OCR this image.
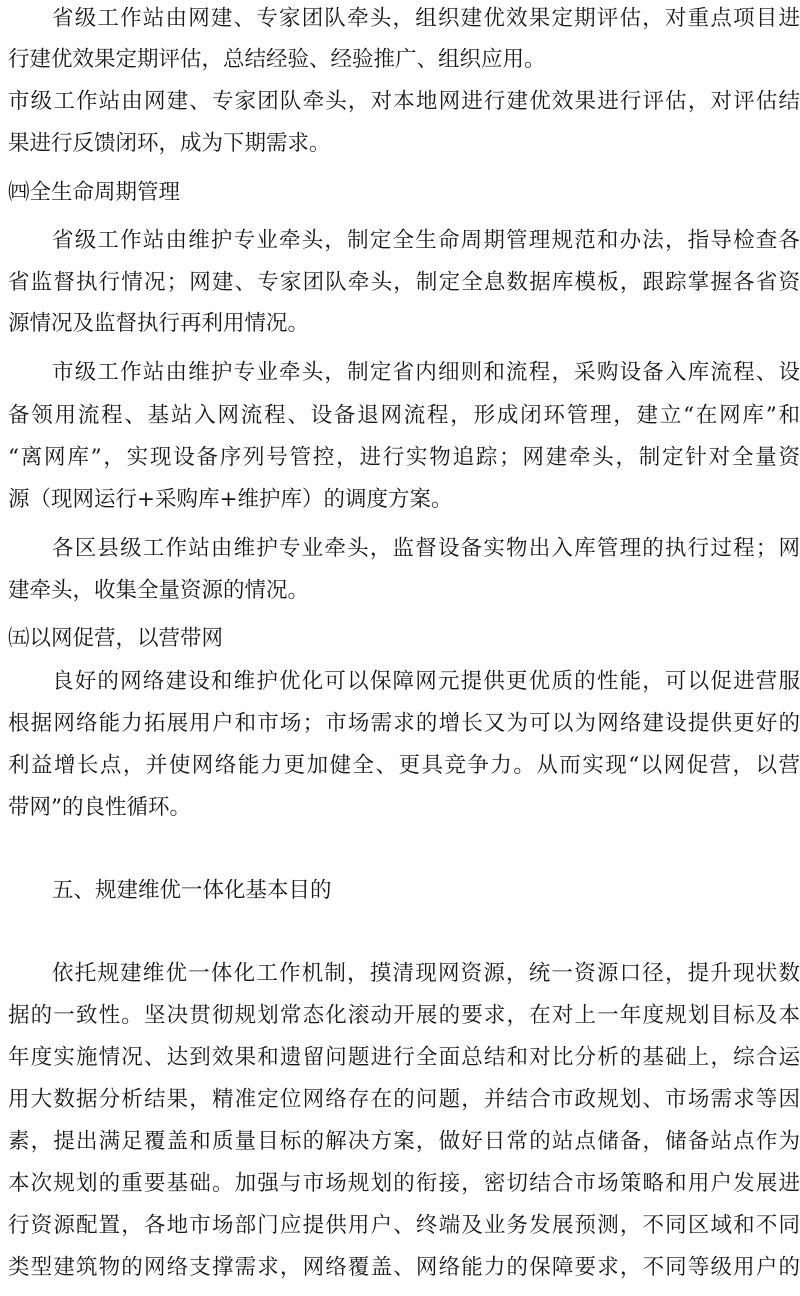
省级工作站由网建、专家团队牵头，组织建优效果定期评估，对重点项目进
行建优效果定期评估，总结经验、经验推广、组织应用。
市级工作站由网建、专家团队牵头，对本地网进行建优效果进行评估，对评估结
果进行反馈闭环，成为下期需求。
㈣全生命周期管理
省级工作站由维护专业牵头，制定全生命周期管理规范和办法，指导检查各
省监督执行情况；网建、专家团队牵头，制定全息数据库模板，跟踪掌握各省资
源情况及监督执行再利用情况。
市级工作站由维护专业牵头，制定省内细则和流程，采购设备入库流程、设
备领用流程、基站入网流程、设备退网流程，形成闭环管理，建立“在网库”和
“离网库”，实现设备序列号管控，进行实物追踪；网建牵头，制定针对全量资
源（现网运行+采购库+维护库）的调度方案。
各区县级工作站由维护专业牵头，监督设备实物出入库管理的执行过程；网
建牵头，收集全量资源的情况。
㈤以网促营，以营带网
良好的网络建设和维护优化可以保障网元提供更优质的性能，可以促进营服
根据网络能力拓展用户和市场；市场需求的增长又为可以为网络建设提供更好的
利益增长点，并使网络能力更加健全、更具竞争力。从而实现“以网促营，以营
带网”的良性循环。
五、规建维优一体化基本目的
依托规建维优一体化工作机制，摸清现网资源，统一资源口径，提升现状数
据的一致性。坚决贯彻规划常态化滚动开展的要求，在对上一年度规划目标及本
年度实施情况、达到效果和遗留问题进行全面总结和对比分析的基础上，综合运
用大数据分析结果，精准定位网络存在的问题，并结合市政规划、市场需求等因
素，提出满足覆盖和质量目标的解决方案，做好日常的站点储备，储备站点作为
本次规划的重要基础。加强与市场规划的衔接，密切结合市场策略和用户发展进
行资源配置，各地市场部门应提供用户、终端及业务发展预测，不同区域和不同
类型建筑物的网络支撑需求，网络覆盖、网络能力的保障要求，不同等级用户的
